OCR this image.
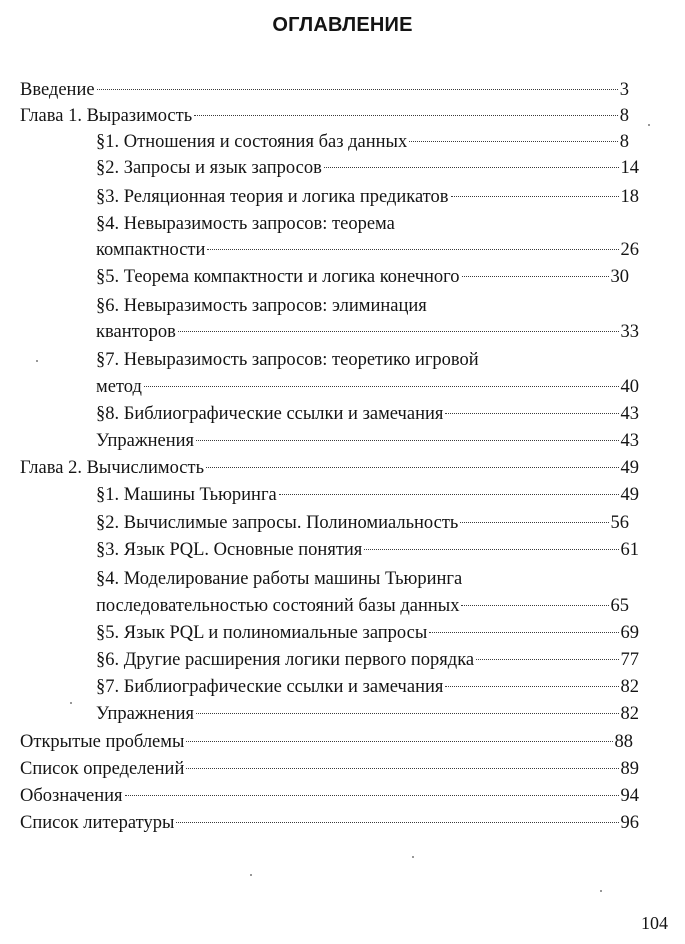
ОГЛАВЛЕНИЕ
Введение	3
Глава 1. Выразимость	8
§1. Отношения и состояния баз данных	8
§2. Запросы и язык запросов	14
§3. Реляционная теория и логика предикатов	18
§4. Невыразимость запросов: теорема
компактности	26
§5. Теорема компактности и логика конечного	30
§6. Невыразимость запросов: элиминация
кванторов	33
§7. Невыразимость запросов: теоретико игровой
метод	40
§8. Библиографические ссылки и замечания	43
Упражнения	43
Глава 2. Вычислимость	49
§1. Машины Тьюринга	49
§2. Вычислимые запросы. Полиномиальность	56
§3. Язык PQL. Основные понятия	61
§4. Моделирование работы машины Тьюринга
последовательностью состояний базы данных	65
§5. Язык PQL и полиномиальные запросы	69
§6. Другие расширения логики первого порядка	77
§7. Библиографические ссылки и замечания	82
Упражнения	82
Открытые проблемы	88
Список определений	89
Обозначения	94
Список литературы	96
104
